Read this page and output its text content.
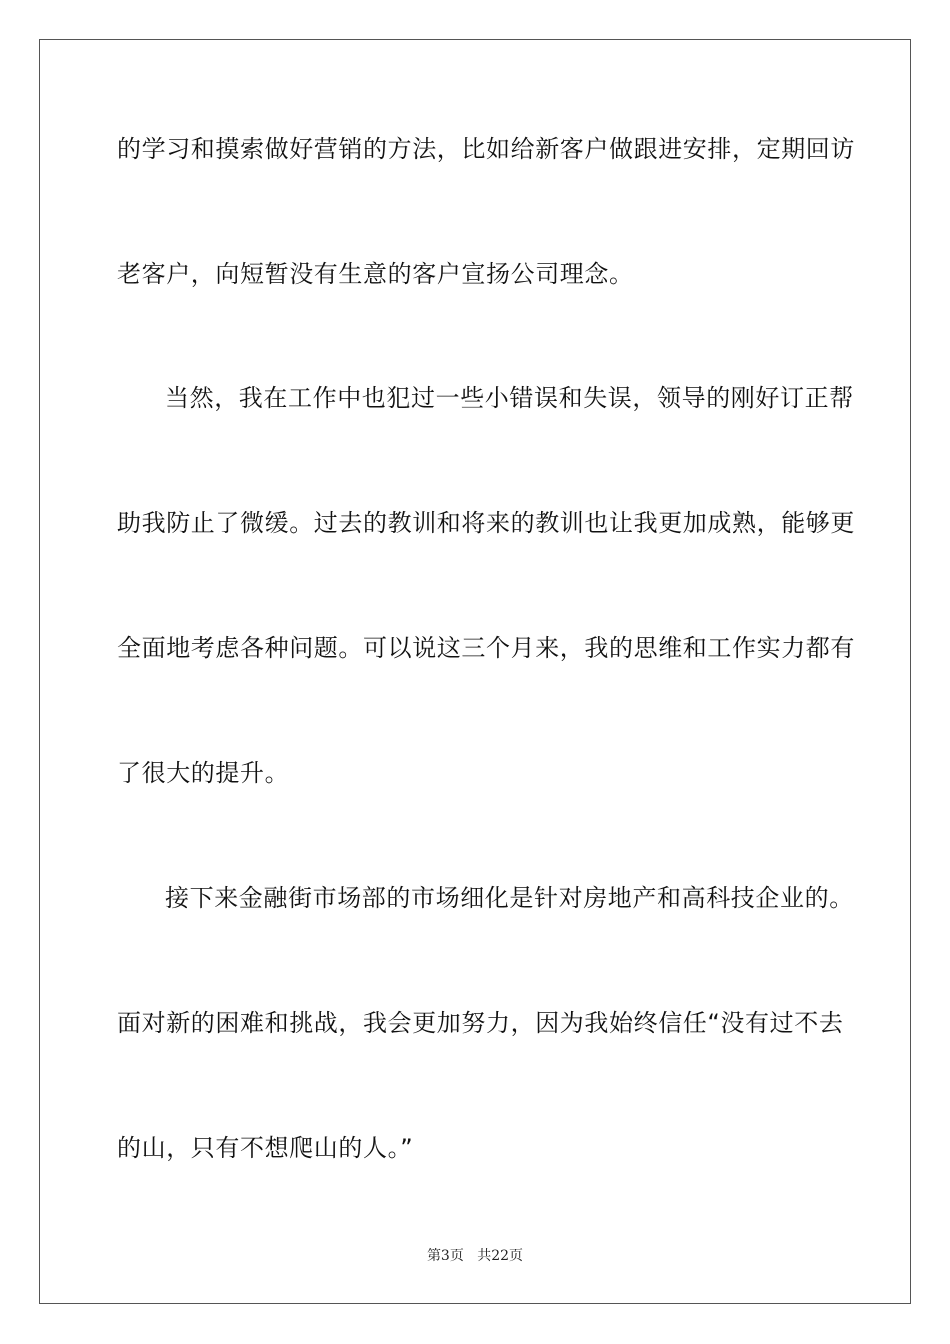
的学习和摸索做好营销的方法，比如给新客户做跟进安排，定期回访
老客户，向短暂没有生意的客户宣扬公司理念。
当然，我在工作中也犯过一些小错误和失误，领导的刚好订正帮
助我防止了微缓。过去的教训和将来的教训也让我更加成熟，能够更
全面地考虑各种问题。可以说这三个月来，我的思维和工作实力都有
了很大的提升。
接下来金融街市场部的市场细化是针对房地产和高科技企业的。
面对新的困难和挑战，我会更加努力，因为我始终信任“没有过不去
的山，只有不想爬山的人。”
第3页 共22页
